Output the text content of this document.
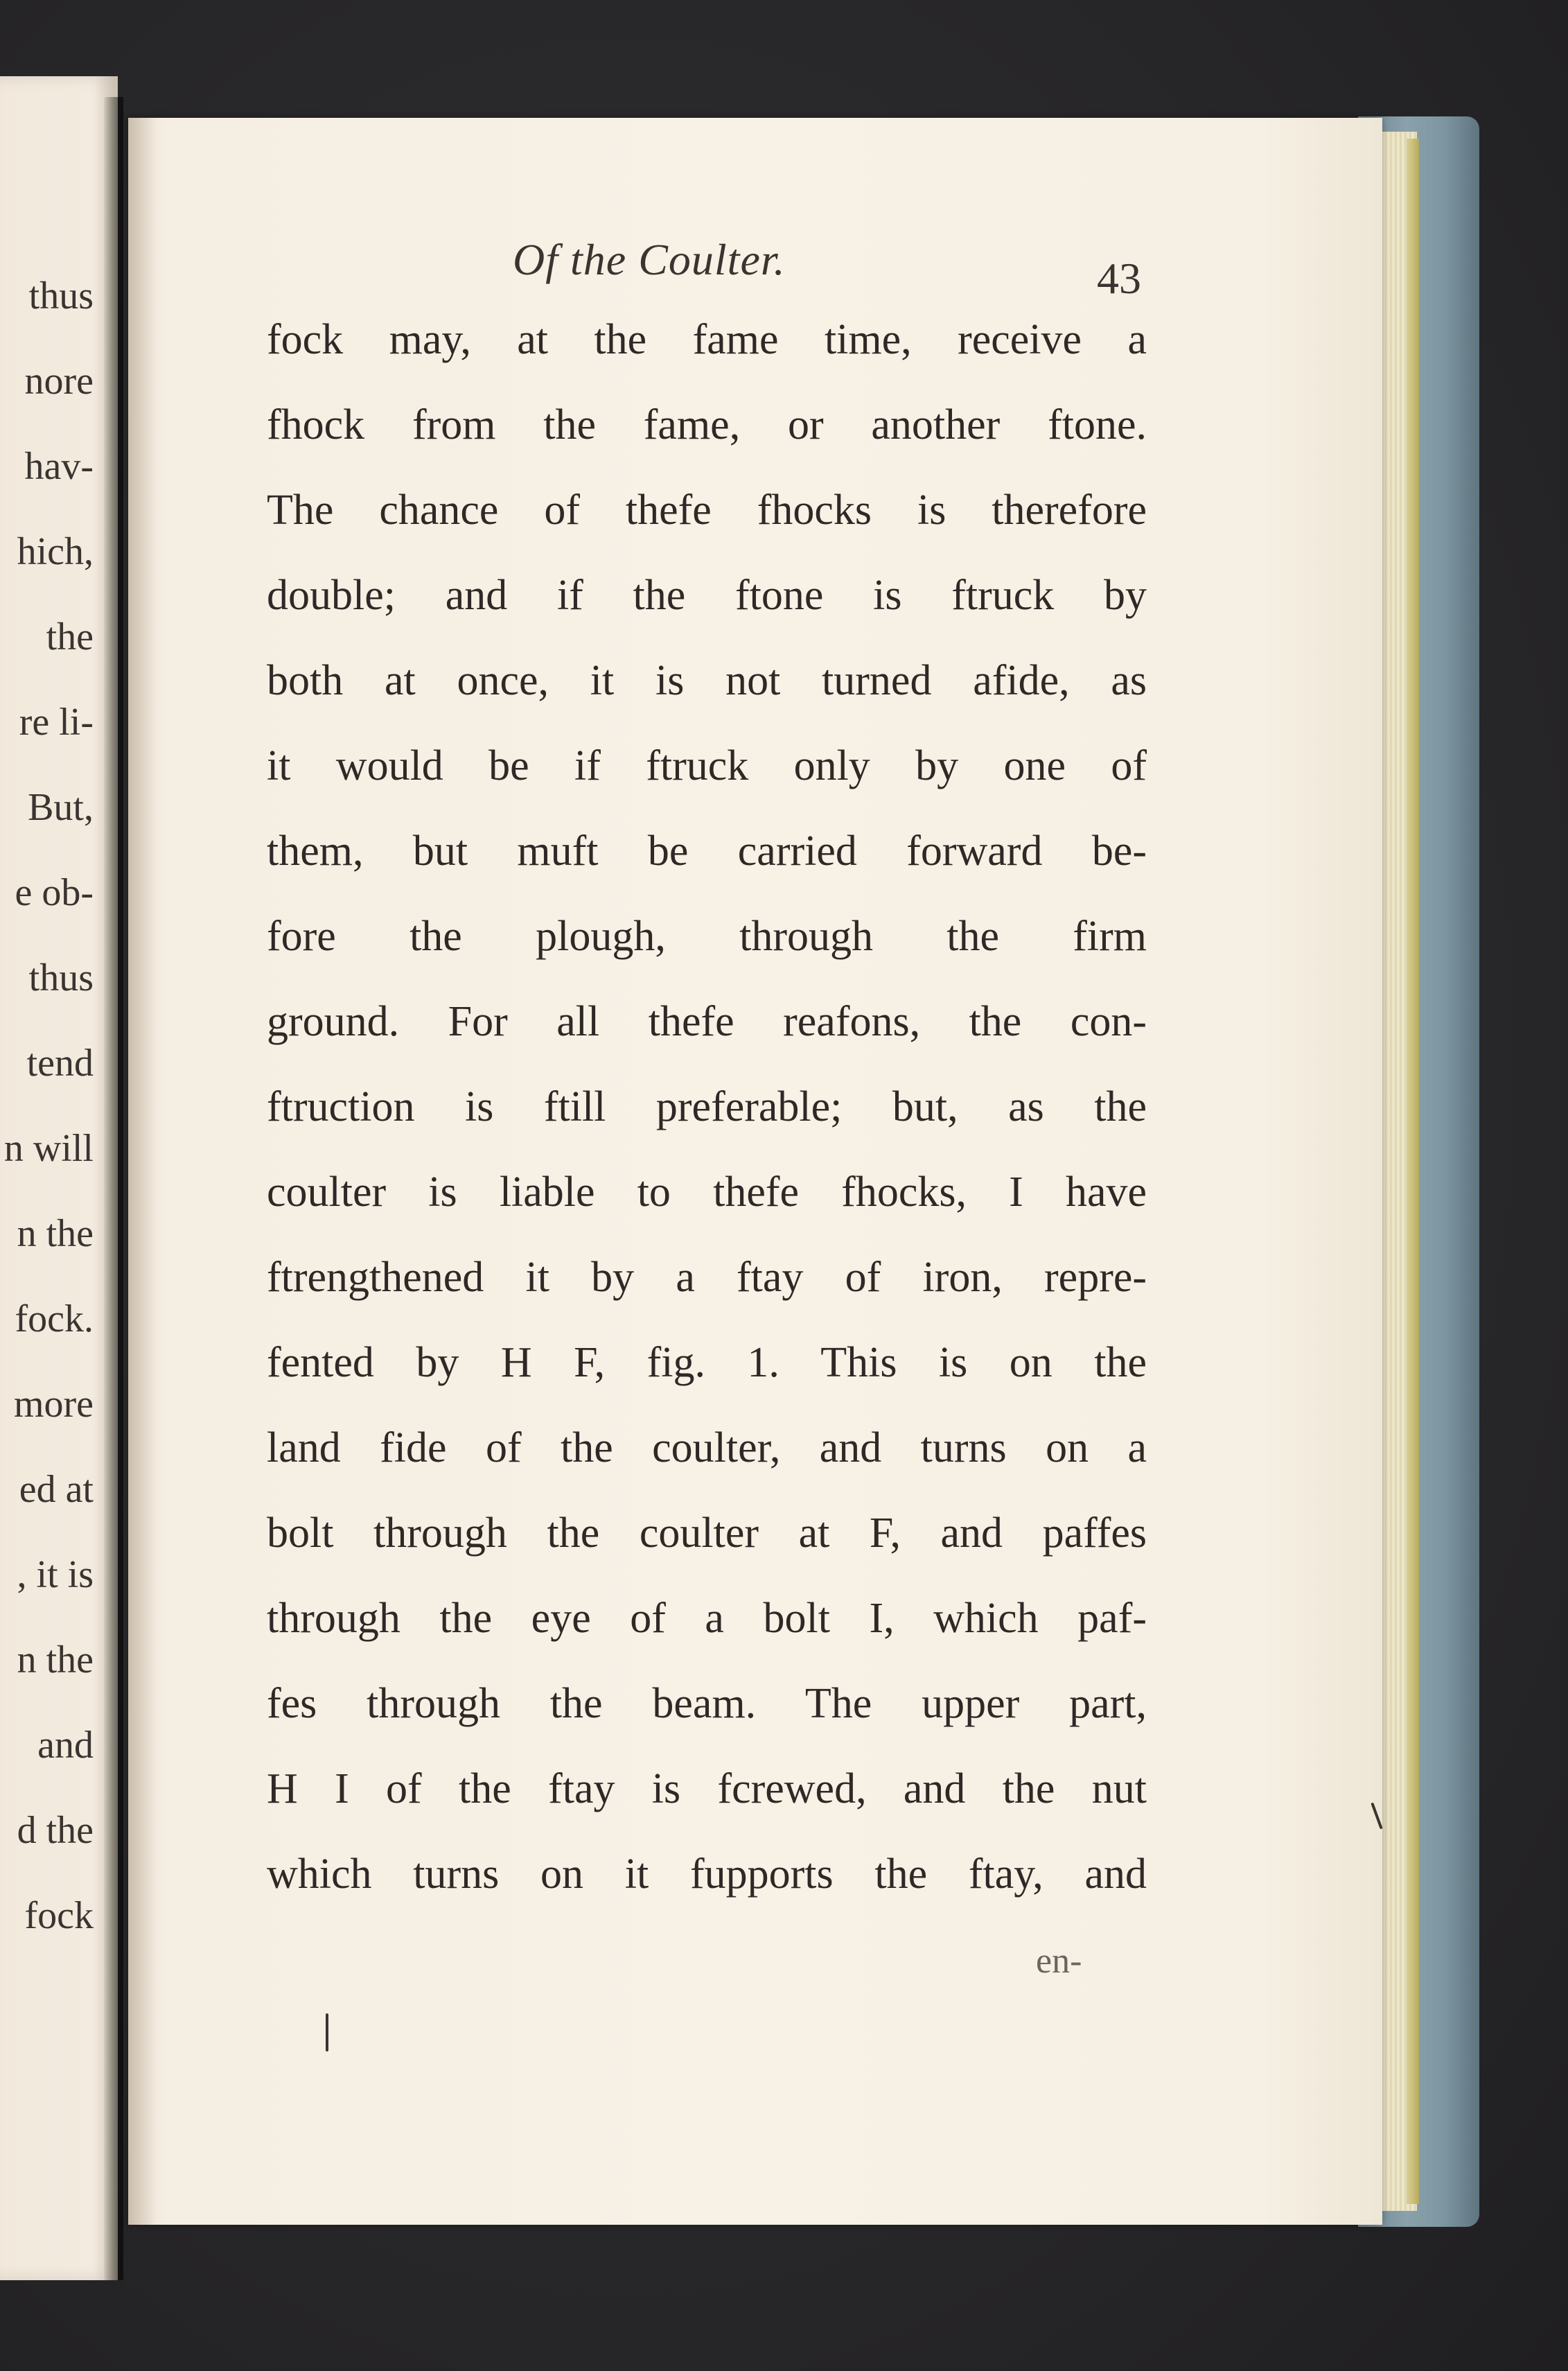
thus
nore
hav-
hich,
the
re li-
But,
e ob-
thus
tend
n will
n the
fock.
more
ed at
, it is
n the
and
d the
fock
Of the Coulter.	43
fock may, at the fame time, receive a
fhock from the fame, or another ftone.
The chance of thefe fhocks is therefore
double; and if the ftone is ftruck by
both at once, it is not turned afide, as
it would be if ftruck only by one of
them, but muft be carried forward be-
fore the plough, through the firm
ground. For all thefe reafons, the con-
ftruction is ftill preferable; but, as the
coulter is liable to thefe fhocks, I have
ftrengthened it by a ftay of iron, repre-
fented by H F, fig. 1. This is on the
land fide of the coulter, and turns on a
bolt through the coulter at F, and paffes
through the eye of a bolt I, which paf-
fes through the beam. The upper part,
H I of the ftay is fcrewed, and the nut
which turns on it fupports the ftay, and
en-
